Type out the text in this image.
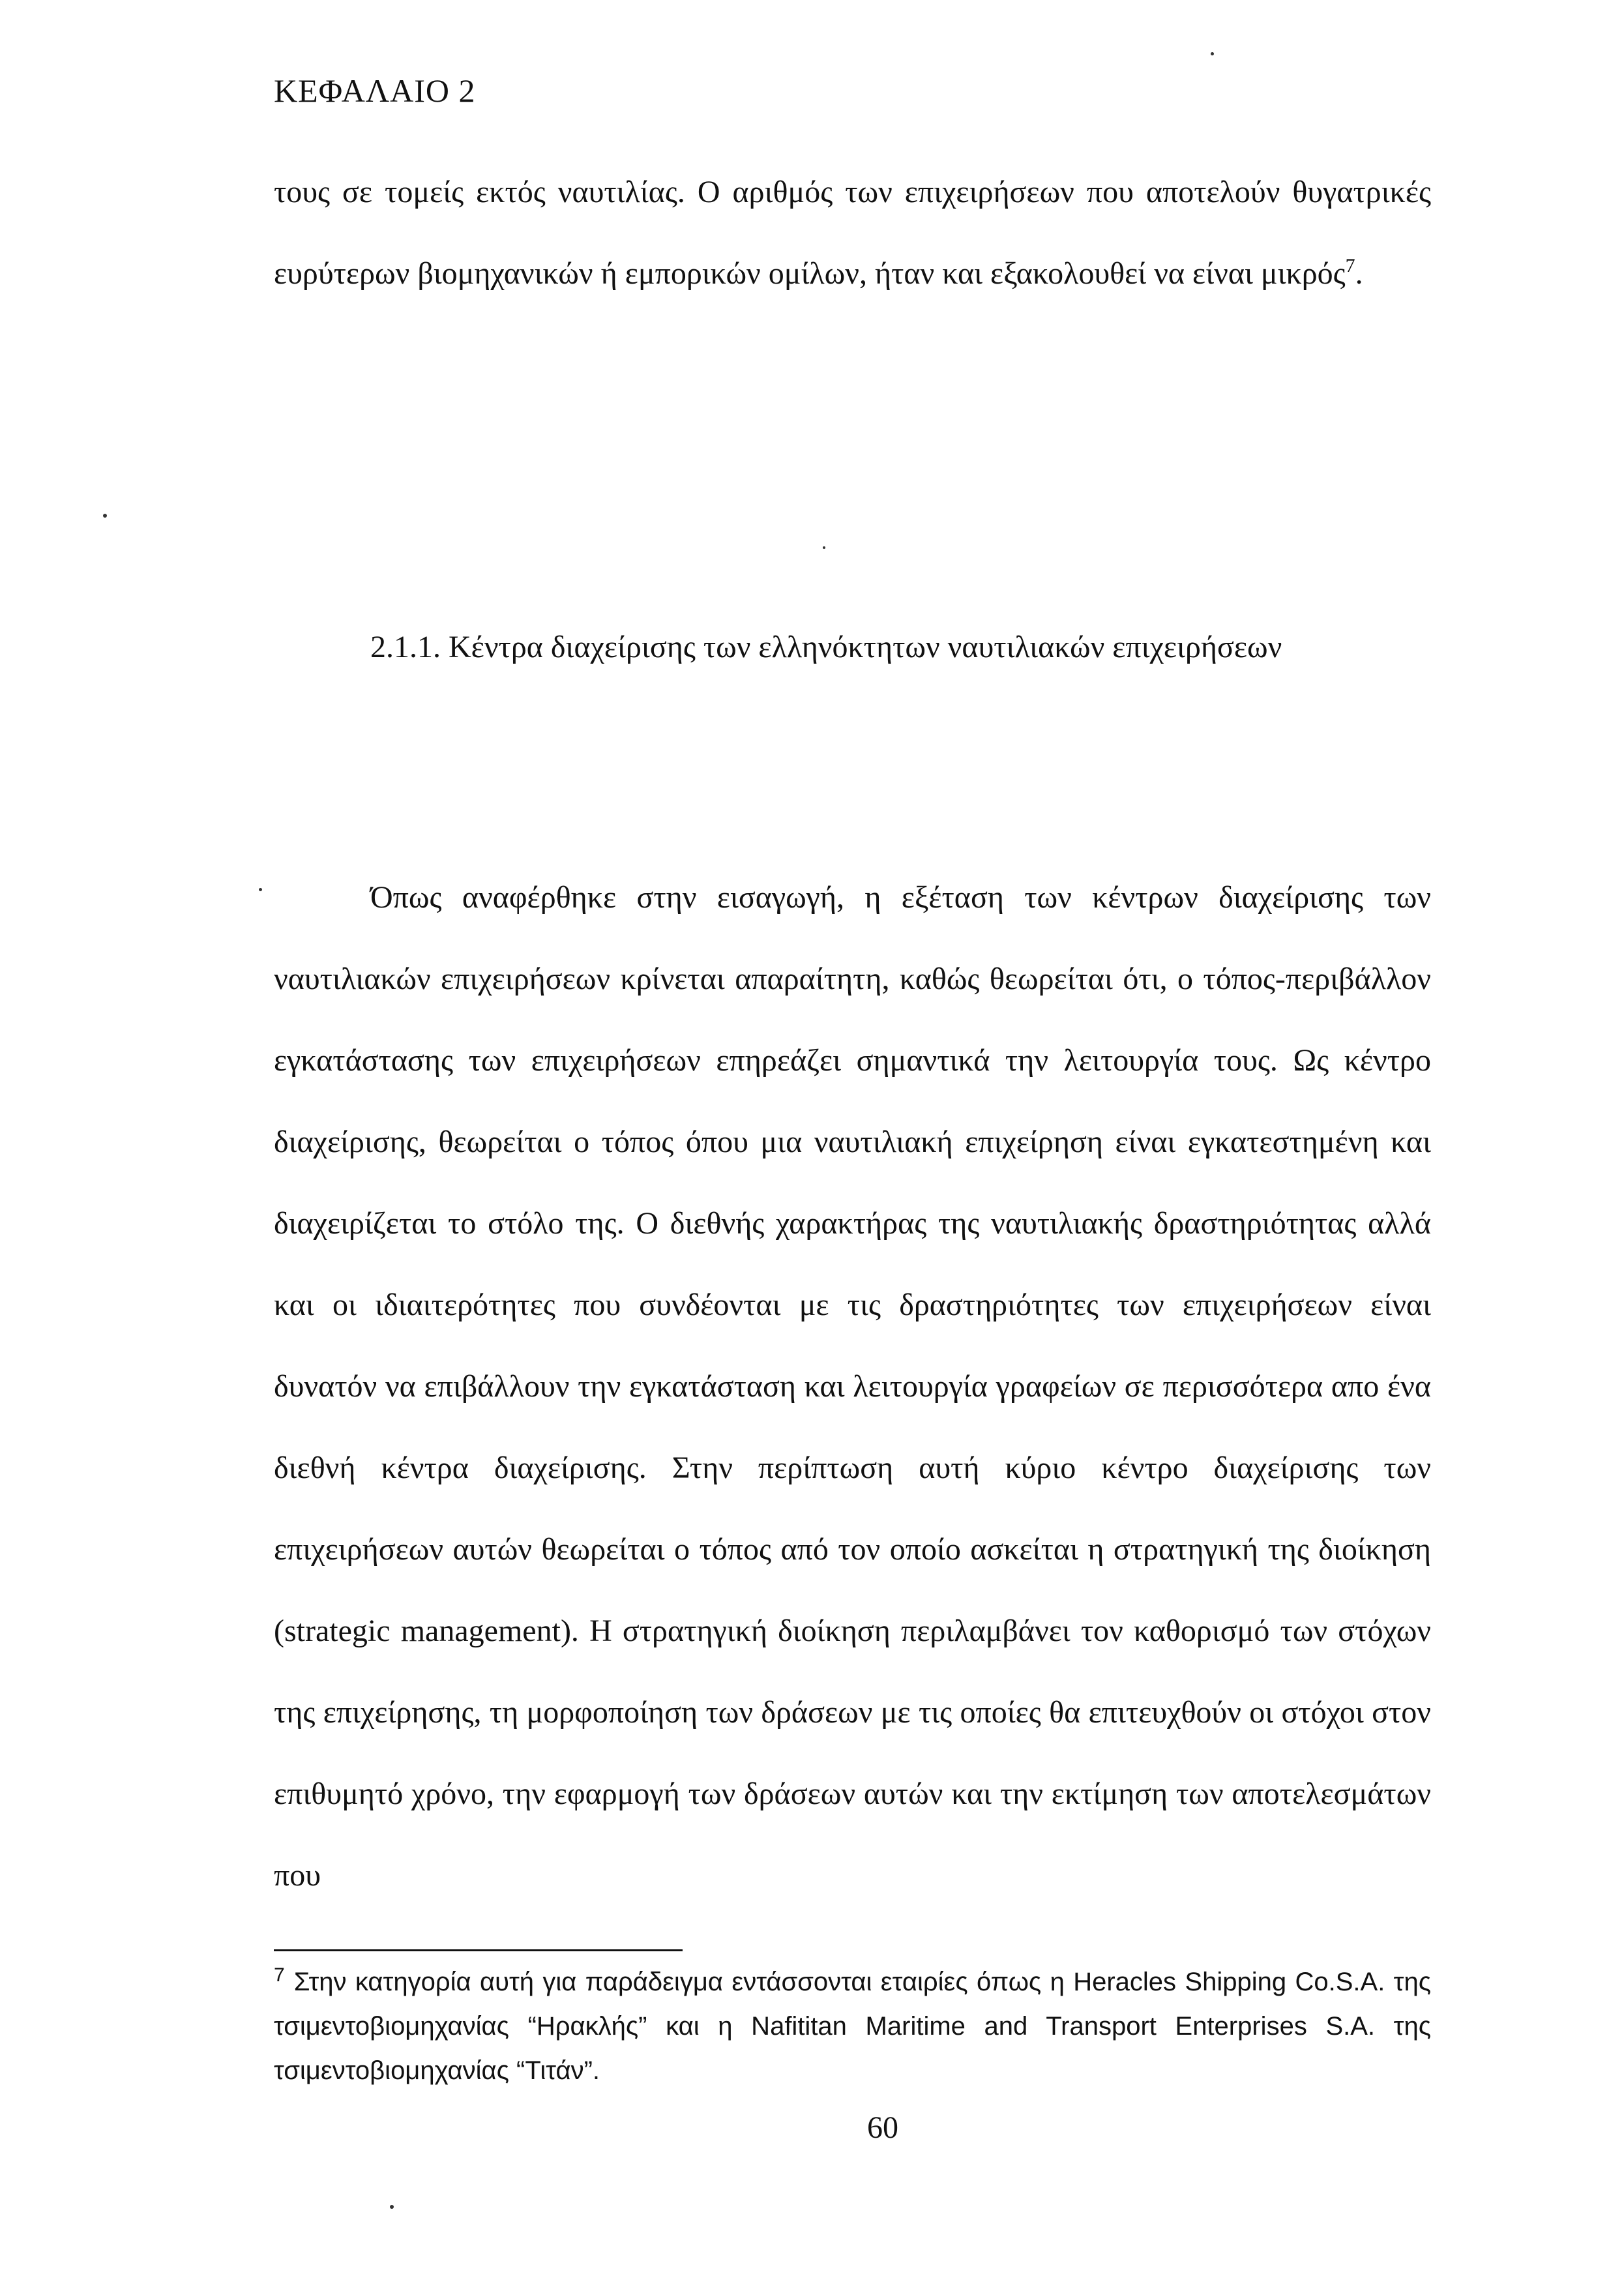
ΚΕΦΑΛΑΙΟ 2

τους σε τομείς εκτός ναυτιλίας. Ο αριθμός των επιχειρήσεων που αποτελούν θυγατρικές ευρύτερων βιομηχανικών ή εμπορικών ομίλων, ήταν και εξακολουθεί να είναι μικρός$^7$.

2.1.1. Κέντρα διαχείρισης των ελληνόκτητων ναυτιλιακών επιχειρήσεων

Όπως αναφέρθηκε στην εισαγωγή, η εξέταση των κέντρων διαχείρισης των ναυτιλιακών επιχειρήσεων κρίνεται απαραίτητη, καθώς θεωρείται ότι, ο τόπος-περιβάλλον εγκατάστασης των επιχειρήσεων επηρεάζει σημαντικά την λειτουργία τους. Ως κέντρο διαχείρισης, θεωρείται ο τόπος όπου μια ναυτιλιακή επιχείρηση είναι εγκατεστημένη και διαχειρίζεται το στόλο της. Ο διεθνής χαρακτήρας της ναυτιλιακής δραστηριότητας αλλά και οι ιδιαιτερότητες που συνδέονται με τις δραστηριότητες των επιχειρήσεων είναι δυνατόν να επιβάλλουν την εγκατάσταση και λειτουργία γραφείων σε περισσότερα απο ένα διεθνή κέντρα διαχείρισης. Στην περίπτωση αυτή κύριο κέντρο διαχείρισης των επιχειρήσεων αυτών θεωρείται ο τόπος από τον οποίο ασκείται η στρατηγική της διοίκηση (strategic management). Η στρατηγική διοίκηση περιλαμβάνει τον καθορισμό των στόχων της επιχείρησης, τη μορφοποίηση των δράσεων με τις οποίες θα επιτευχθούν οι στόχοι στον επιθυμητό χρόνο, την εφαρμογή των δράσεων αυτών και την εκτίμηση των αποτελεσμάτων που

$^7$ Στην κατηγορία αυτή για παράδειγμα εντάσσονται εταιρίες όπως η Heracles Shipping Co.S.A. της τσιμεντοβιομηχανίας “Ηρακλής” και η Nafititan Maritime and Transport Enterprises S.A. της τσιμεντοβιομηχανίας “Τιτάν”.

60
